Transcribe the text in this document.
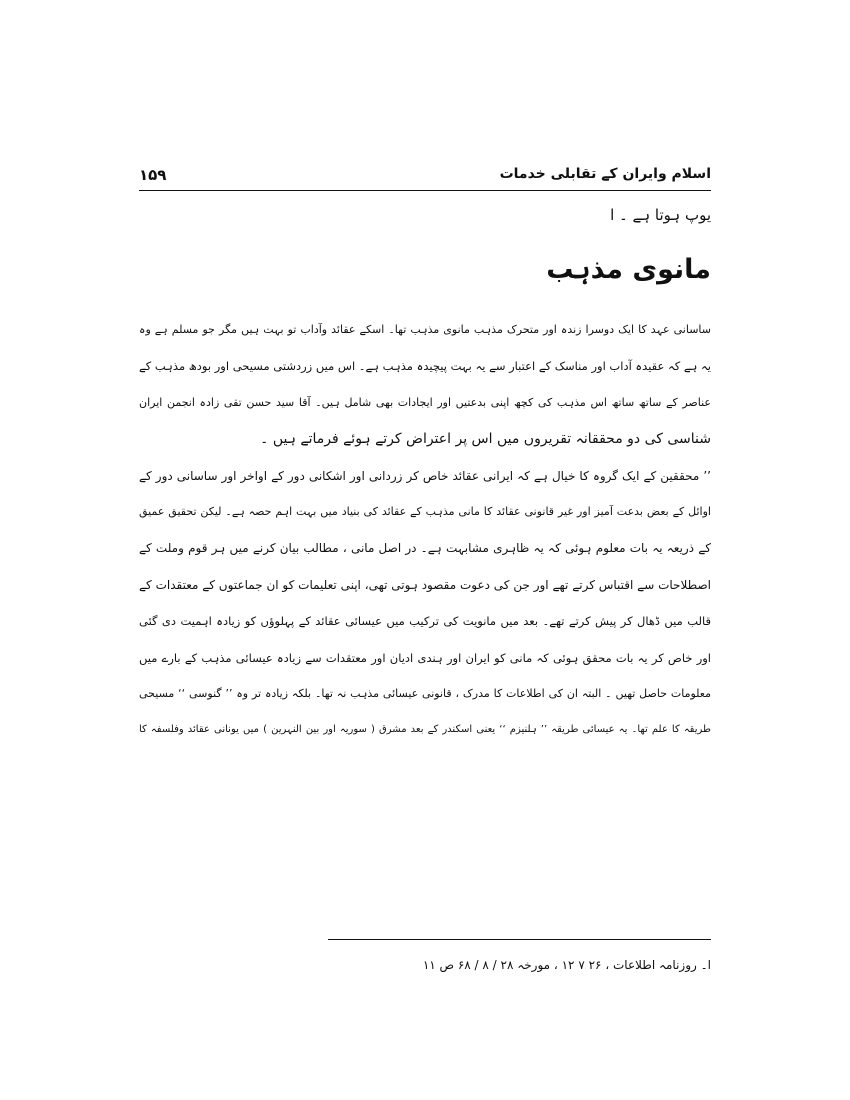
اسلام وایران کے تقابلی خدمات
۱۵۹
یوپ ہوتا ہے ۔ ا
مانوی مذہب
ساسانی عہد کا ایک دوسرا زندہ اور متحرک مذہب مانوی مذہب تھا۔ اسکے عقائد وآداب تو بہت ہیں مگر جو مسلم ہے وہ
یہ ہے کہ عقیدہ آداب اور مناسک کے اعتبار سے یہ بہت پیچیدہ مذہب ہے۔ اس میں زردشتی مسیحی اور بودھ مذہب کے
عناصر کے ساتھ ساتھ اس مذہب کی کچھ اپنی بدعتیں اور ایجادات بھی شامل ہیں۔ آقا سید حسن تقی زادہ انجمن ایران
شناسی کی دو محققانہ تقریروں میں اس پر اعتراض کرتے ہوئے فرماتے ہیں ۔
’’ محققین کے ایک گروہ کا خیال ہے کہ ایرانی عقائد خاص کر زردانی اور اشکانی دور کے اواخر اور ساسانی دور کے
اوائل کے بعض بدعت آمیز اور غیر قانونی عقائد کا مانی مذہب کے عقائد کی بنیاد میں بہت اہم حصہ ہے۔ لیکن تحقیق عمیق
کے ذریعہ یہ بات معلوم ہوئی کہ یہ ظاہری مشابہت ہے۔ در اصل مانی ، مطالب بیان کرنے میں ہر قوم وملت کے
اصطلاحات سے اقتباس کرتے تھے اور جن کی دعوت مقصود ہوتی تھی، اپنی تعلیمات کو ان جماعتوں کے معتقدات کے
قالب میں ڈھال کر پیش کرتے تھے۔ بعد میں مانویت کی ترکیب میں عیسائی عقائد کے پہلوؤں کو زیادہ اہمیت دی گئی
اور خاص کر یہ بات محقق ہوئی کہ مانی کو ایران اور ہندی ادیان اور معتقدات سے زیادہ عیسائی مذہب کے بارے میں
معلومات حاصل تھیں ۔ البتہ ان کی اطلاعات کا مدرک ، قانونی عیسائی مذہب نہ تھا۔ بلکہ زیادہ تر وہ ’’ گنوسی ‘‘ مسیحی
طریقہ کا علم تھا۔ یہ عیسائی طریقہ ’’ ہلنیزم ‘‘ یعنی اسکندر کے بعد مشرق ( سوریہ اور بین النہرین ) میں یونانی عقائد وفلسفہ کا
ا۔ روزنامہ اطلاعات ، ۲۶ ۷ ۱۲ ، مورخہ ۲۸ / ۸ / ۶۸ ص ۱۱
